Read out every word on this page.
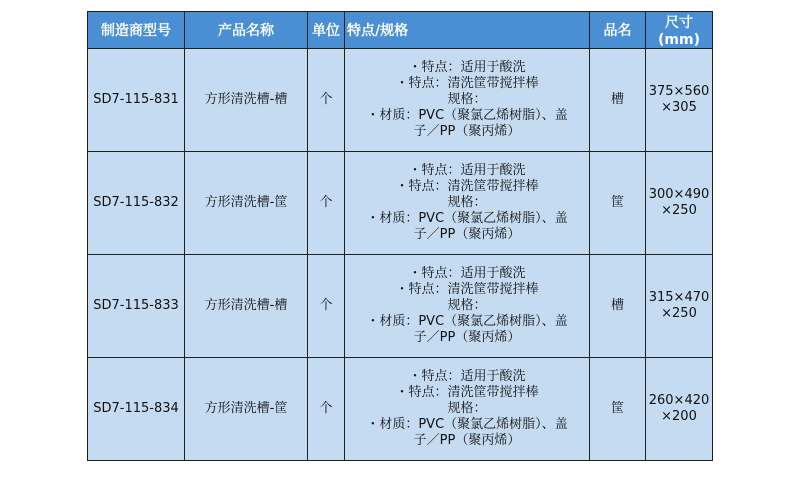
制造商型号	产品名称	单位	特点/规格	品名	尺寸(mm)
SD7-115-831	方形清洗槽-槽	个	・特点：适用于酸洗
・特点：清洗筐带搅拌棒
规格：
・材质：PVC（聚氯乙烯树脂）、盖
子／PP（聚丙烯）	槽	375×560
×305

SD7-115-832	方形清洗槽-筐	个	・特点：适用于酸洗
・特点：清洗筐带搅拌棒
规格：
・材质：PVC（聚氯乙烯树脂）、盖
子／PP（聚丙烯）	筐	300×490
×250

SD7-115-833	方形清洗槽-槽	个	・特点：适用于酸洗
・特点：清洗筐带搅拌棒
规格：
・材质：PVC（聚氯乙烯树脂）、盖
子／PP（聚丙烯）	槽	315×470
×250

SD7-115-834	方形清洗槽-筐	个	・特点：适用于酸洗
・特点：清洗筐带搅拌棒
规格：
・材质：PVC（聚氯乙烯树脂）、盖
子／PP（聚丙烯）	筐	260×420
×200
